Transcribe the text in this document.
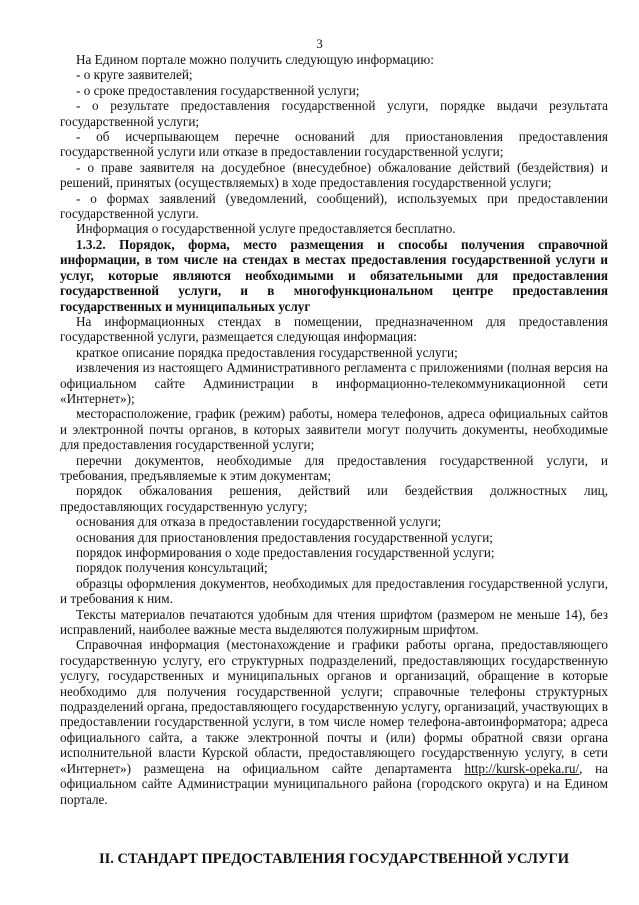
3

На Едином портале можно получить следующую информацию:

- о круге заявителей;

- о сроке предоставления государственной услуги;

- о результате предоставления государственной услуги, порядке выдачи результата государственной услуги;

- об исчерпывающем перечне оснований для приостановления предоставления государственной услуги или отказе в предоставлении государственной услуги;

- о праве заявителя на досудебное (внесудебное) обжалование действий (бездействия) и решений, принятых (осуществляемых) в ходе предоставления государственной услуги;

- о формах заявлений (уведомлений, сообщений), используемых при предоставлении государственной услуги.

Информация о государственной услуге предоставляется бесплатно.

1.3.2. Порядок, форма, место размещения и способы получения справочной информации, в том числе на стендах в местах предоставления государственной услуги и услуг, которые являются необходимыми и обязательными для предоставления государственной услуги, и в многофункциональном центре предоставления государственных и муниципальных услуг

На информационных стендах в помещении, предназначенном для предоставления государственной услуги, размещается следующая информация:

краткое описание порядка предоставления государственной услуги;

извлечения из настоящего Административного регламента с приложениями (полная версия на официальном сайте Администрации в информационно-телекоммуникационной сети «Интернет»);

месторасположение, график (режим) работы, номера телефонов, адреса официальных сайтов и электронной почты органов, в которых заявители могут получить документы, необходимые для предоставления государственной услуги;

перечни документов, необходимые для предоставления государственной услуги, и требования, предъявляемые к этим документам;

порядок обжалования решения, действий или бездействия должностных лиц, предоставляющих государственную услугу;

основания для отказа в предоставлении государственной услуги;

основания для приостановления предоставления государственной услуги;

порядок информирования о ходе предоставления государственной услуги;

порядок получения консультаций;

образцы оформления документов, необходимых для предоставления государственной услуги, и требования к ним.

Тексты материалов печатаются удобным для чтения шрифтом (размером не меньше 14), без исправлений, наиболее важные места выделяются полужирным шрифтом.

Справочная информация (местонахождение и графики работы органа, предоставляющего государственную услугу, его структурных подразделений, предоставляющих государственную услугу, государственных и муниципальных органов и организаций, обращение в которые необходимо для получения государственной услуги; справочные телефоны структурных подразделений органа, предоставляющего государственную услугу, организаций, участвующих в предоставлении государственной услуги, в том числе номер телефона-автоинформатора; адреса официального сайта, а также электронной почты и (или) формы обратной связи органа исполнительной власти Курской области, предоставляющего государственную услугу, в сети «Интернет») размещена на официальном сайте департамента http://kursk-opeka.ru/, на официальном сайте Администрации муниципального района (городского округа) и на Едином портале.

II. СТАНДАРТ ПРЕДОСТАВЛЕНИЯ ГОСУДАРСТВЕННОЙ УСЛУГИ
